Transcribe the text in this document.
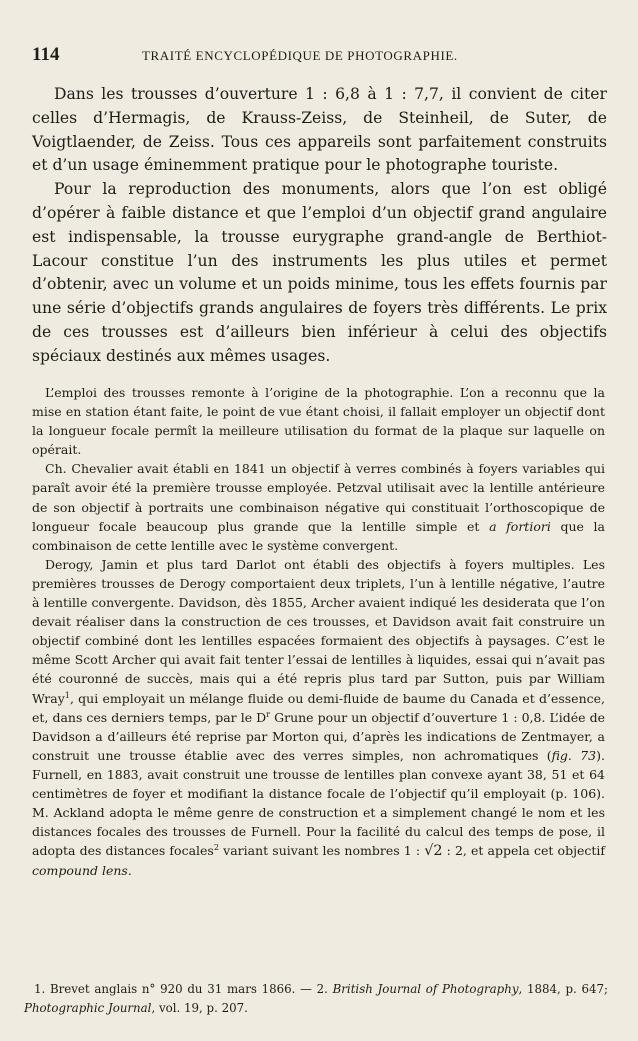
114	TRAITÉ ENCYCLOPÉDIQUE DE PHOTOGRAPHIE.

Dans les trousses d’ouverture 1 : 6,8 à 1 : 7,7, il convient de citer celles d’Hermagis, de Krauss-Zeiss, de Steinheil, de Suter, de Voigtlaender, de Zeiss. Tous ces appareils sont parfaitement construits et d’un usage éminemment pratique pour le photographe touriste.

Pour la reproduction des monuments, alors que l’on est obligé d’opérer à faible distance et que l’emploi d’un objectif grand angulaire est indispensable, la trousse eurygraphe grand-angle de Berthiot-Lacour constitue l’un des instruments les plus utiles et permet d’obtenir, avec un volume et un poids minime, tous les effets fournis par une série d’objectifs grands angulaires de foyers très différents. Le prix de ces trousses est d’ailleurs bien inférieur à celui des objectifs spéciaux destinés aux mêmes usages.

L’emploi des trousses remonte à l’origine de la photographie. L’on a reconnu que la mise en station étant faite, le point de vue étant choisi, il fallait employer un objectif dont la longueur focale permît la meilleure utilisation du format de la plaque sur laquelle on opérait.

Ch. Chevalier avait établi en 1841 un objectif à verres combinés à foyers variables qui paraît avoir été la première trousse employée. Petzval utilisait avec la lentille antérieure de son objectif à portraits une combinaison négative qui constituait l’orthoscopique de longueur focale beaucoup plus grande que la lentille simple et a fortiori que la combinaison de cette lentille avec le système convergent.

Derogy, Jamin et plus tard Darlot ont établi des objectifs à foyers multiples. Les premières trousses de Derogy comportaient deux triplets, l’un à lentille négative, l’autre à lentille convergente. Davidson, dès 1855, Archer avaient indiqué les desiderata que l’on devait réaliser dans la construction de ces trousses, et Davidson avait fait construire un objectif combiné dont les lentilles espacées formaient des objectifs à paysages. C’est le même Scott Archer qui avait fait tenter l’essai de lentilles à liquides, essai qui n’avait pas été couronné de succès, mais qui a été repris plus tard par Sutton, puis par William Wray$^1$, qui employait un mélange fluide ou demi-fluide de baume du Canada et d’essence, et, dans ces derniers temps, par le $D^r$ Grune pour un objectif d’ouverture 1 : 0,8. L’idée de Davidson a d’ailleurs été reprise par Morton qui, d’après les indications de Zentmayer, a construit une trousse établie avec des verres simples, non achromatiques (fig. 73). Furnell, en 1883, avait construit une trousse de lentilles plan convexe ayant 38, 51 et 64 centimètres de foyer et modifiant la distance focale de l’objectif qu’il employait (p. 106). M. Ackland adopta le même genre de construction et a simplement changé le nom et les distances focales des trousses de Furnell. Pour la facilité du calcul des temps de pose, il adopta des distances focales$^2$ variant suivant les nombres 1 : √2 : 2, et appela cet objectif compound lens.

1. Brevet anglais n° 920 du 31 mars 1866. — 2. British Journal of Photography, 1884, p. 647; Photographic Journal, vol. 19, p. 207.
